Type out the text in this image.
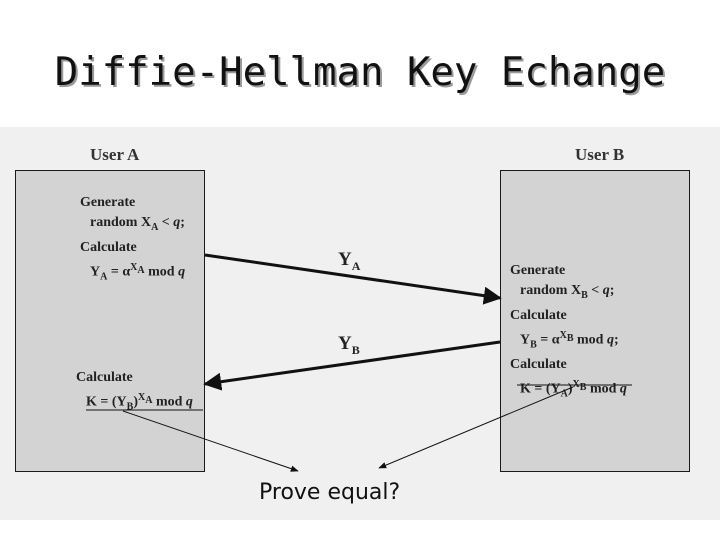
Diffie-Hellman Key Echange
User A	User B
Generate
random $X_A < q$;
Calculate
$Y_A = \alpha^{X_A}$ mod q
Calculate
$K = (Y_B)^{X_A}$ mod q
Generate
random $X_B < q$;
Calculate
$Y_B = \alpha^{X_B}$ mod q;
Calculate
$K = (Y_A)^{X_B}$ mod q
$Y_A$
$Y_B$
Prove equal?
